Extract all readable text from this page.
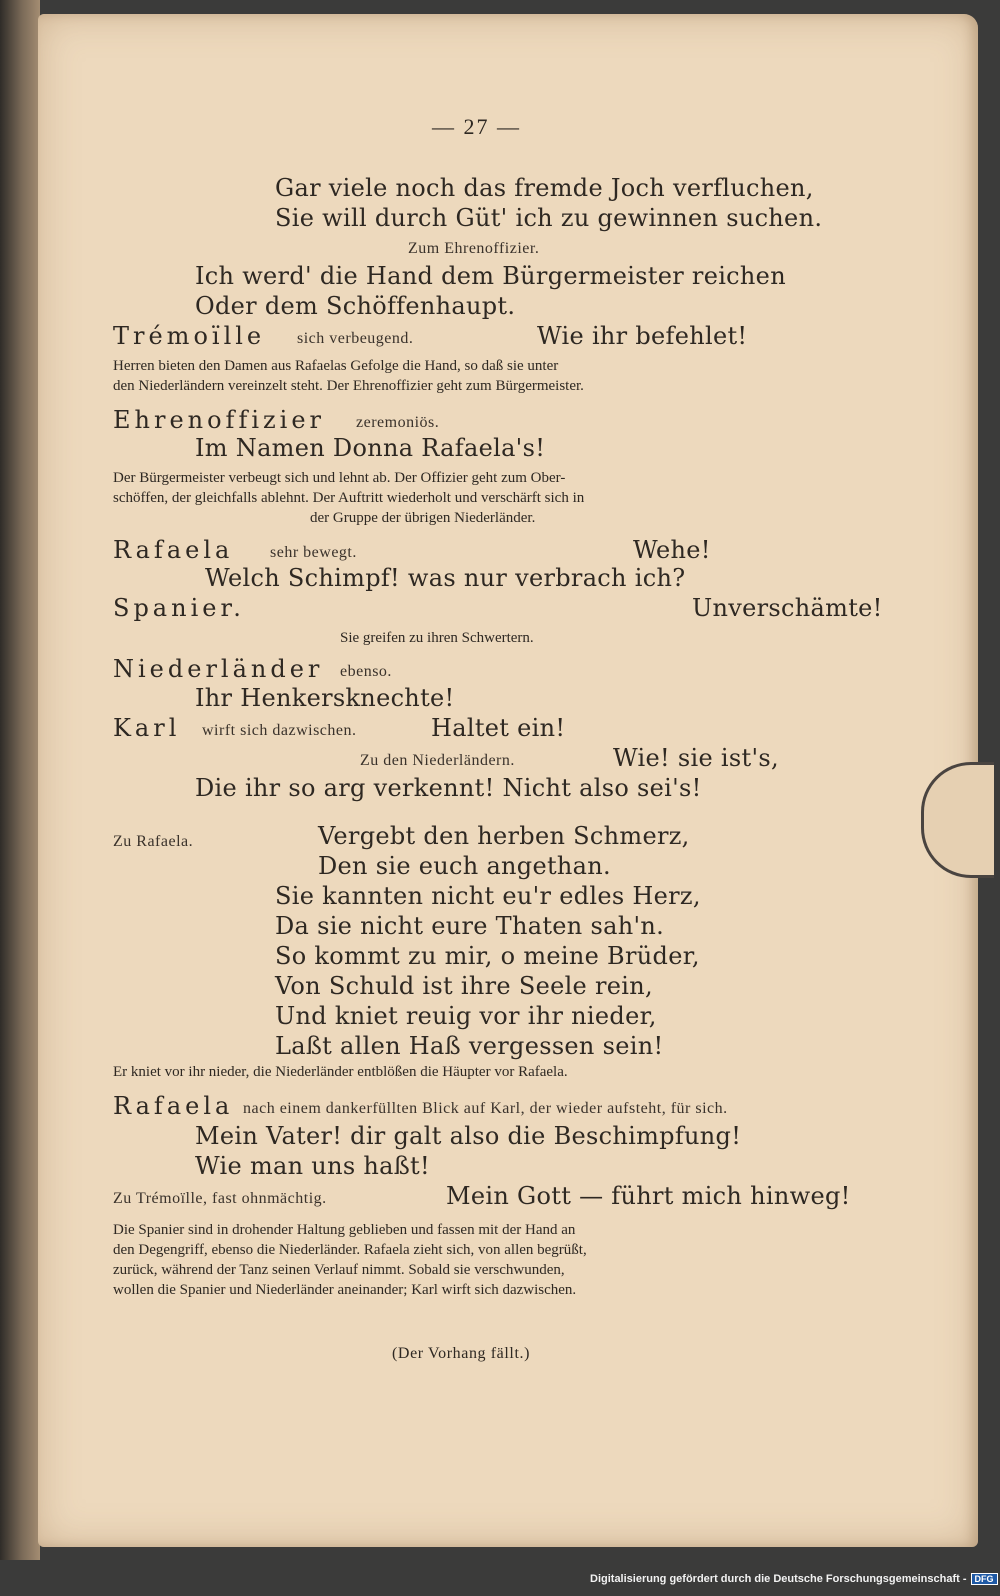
— 27 —
Gar viele noch das fremde Joch verfluchen,
Sie will durch Güt' ich zu gewinnen suchen.
Zum Ehrenoffizier.
Ich werd' die Hand dem Bürgermeister reichen
Oder dem Schöffenhaupt.
Trémoïlle sich verbeugend.	Wie ihr befehlet!
Herren bieten den Damen aus Rafaelas Gefolge die Hand, so daß sie unter
den Niederländern vereinzelt steht. Der Ehrenoffizier geht zum Bürgermeister.
Ehrenoffizier zeremoniös.
Im Namen Donna Rafaela's!
Der Bürgermeister verbeugt sich und lehnt ab. Der Offizier geht zum Ober-
schöffen, der gleichfalls ablehnt. Der Auftritt wiederholt und verschärft sich in
der Gruppe der übrigen Niederländer.
Rafaela sehr bewegt.	Wehe!
Welch Schimpf! was nur verbrach ich?
Spanier.	Unverschämte!
Sie greifen zu ihren Schwertern.
Niederländer ebenso.
Ihr Henkersknechte!
Karl wirft sich dazwischen.	Haltet ein!
Zu den Niederländern.	Wie! sie ist's,
Die ihr so arg verkennt! Nicht also sei's!
Zu Rafaela.	Vergebt den herben Schmerz,
Den sie euch angethan.
Sie kannten nicht eu'r edles Herz,
Da sie nicht eure Thaten sah'n.
So kommt zu mir, o meine Brüder,
Von Schuld ist ihre Seele rein,
Und kniet reuig vor ihr nieder,
Laßt allen Haß vergessen sein!
Er kniet vor ihr nieder, die Niederländer entblößen die Häupter vor Rafaela.
Rafaela nach einem dankerfüllten Blick auf Karl, der wieder aufsteht, für sich.
Mein Vater! dir galt also die Beschimpfung!
Wie man uns haßt!
Zu Trémoïlle, fast ohnmächtig.	Mein Gott — führt mich hinweg!
Die Spanier sind in drohender Haltung geblieben und fassen mit der Hand an
den Degengriff, ebenso die Niederländer. Rafaela zieht sich, von allen begrüßt,
zurück, während der Tanz seinen Verlauf nimmt. Sobald sie verschwunden,
wollen die Spanier und Niederländer aneinander; Karl wirft sich dazwischen.
(Der Vorhang fällt.)
Digitalisierung gefördert durch die Deutsche Forschungsgemeinschaft - DFG
